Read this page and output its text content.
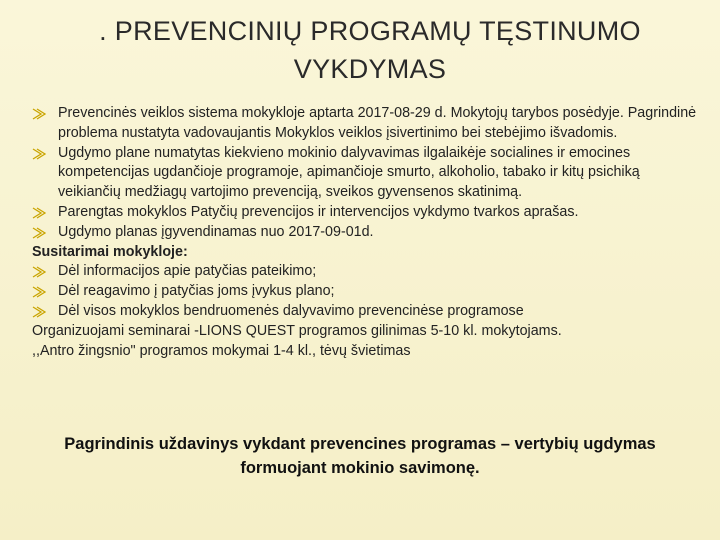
. PREVENCINIŲ PROGRAMŲ TĘSTINUMO VYKDYMAS
Prevencinės veiklos sistema mokykloje aptarta 2017-08-29 d. Mokytojų tarybos posėdyje. Pagrindinė problema nustatyta vadovaujantis Mokyklos veiklos įsivertinimo bei stebėjimo išvadomis.
Ugdymo plane numatytas kiekvieno mokinio dalyvavimas ilgalaikėje socialines ir emocines kompetencijas ugdančioje programoje, apimančioje smurto, alkoholio, tabako ir kitų psichiką veikiančių medžiagų vartojimo prevenciją, sveikos gyvensenos skatinimą.
Parengtas mokyklos Patyčių prevencijos ir intervencijos vykdymo tvarkos aprašas.
Ugdymo planas įgyvendinamas nuo 2017-09-01d.
Susitarimai mokykloje:
Dėl informacijos apie patyčias pateikimo;
Dėl reagavimo į patyčias joms įvykus plano;
Dėl visos mokyklos bendruomenės dalyvavimo prevencinėse programose
Organizuojami seminarai -LIONS QUEST programos gilinimas 5-10 kl. mokytojams.
,,Antro žingsnio" programos mokymai 1-4 kl., tėvų švietimas
Pagrindinis uždavinys vykdant prevencines programas – vertybių ugdymas formuojant mokinio savimonę.
